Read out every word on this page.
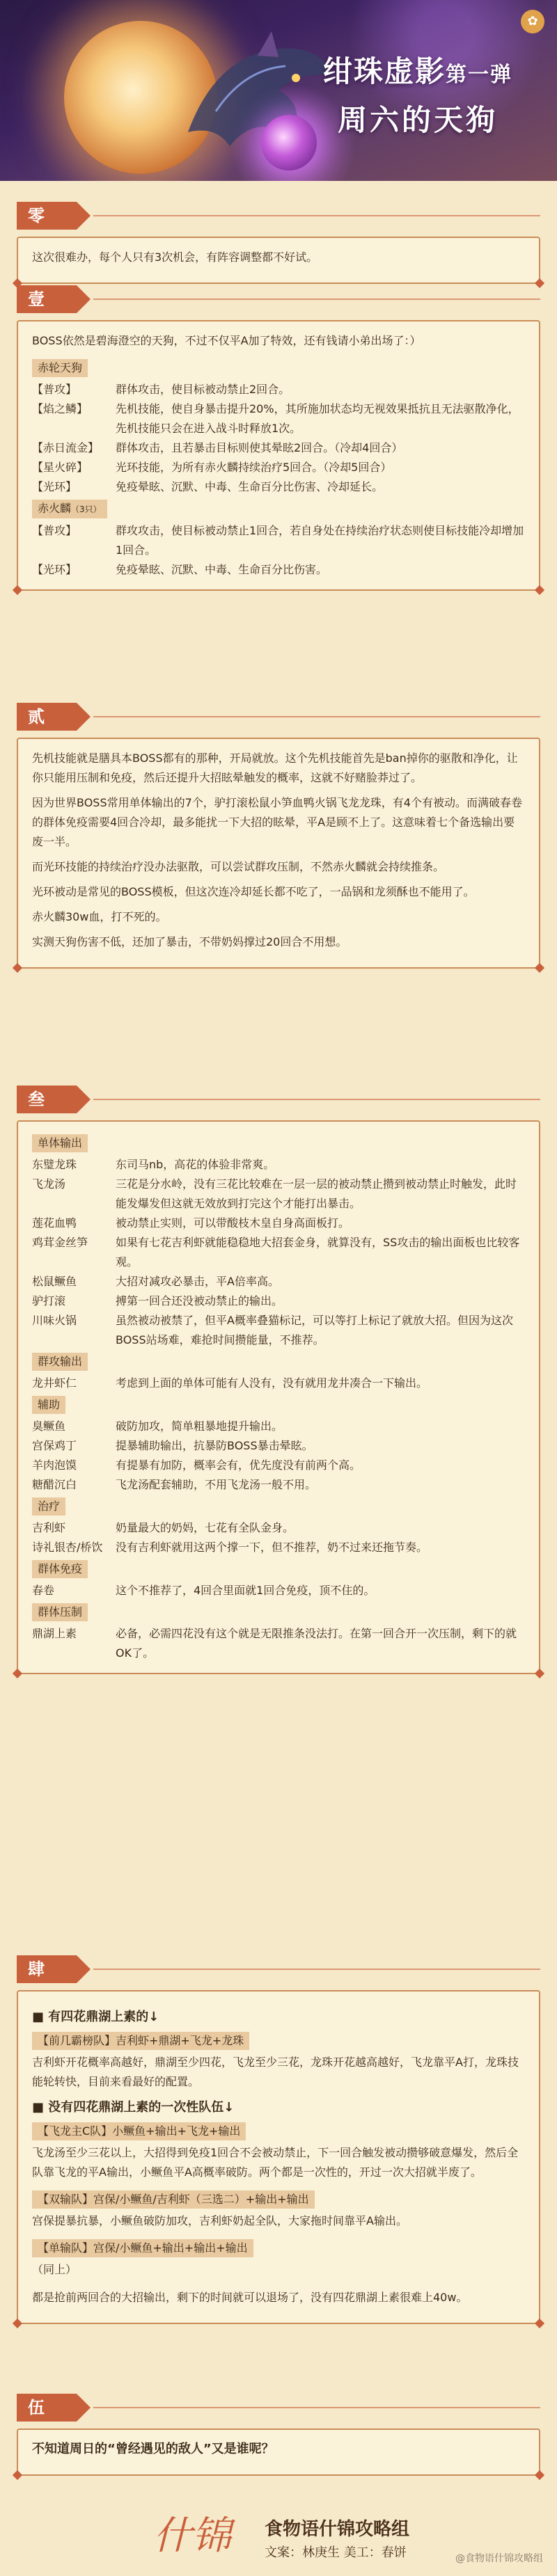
绀珠虚影第一弹
周六的天狗
✿
零

这次很难办，每个人只有3次机会，有阵容调整都不好试。

壹

BOSS依然是碧海澄空的天狗，不过不仅平A加了特效，还有钱请小弟出场了：）

赤轮天狗
【普攻】	群体攻击，使目标被动禁止2回合。
【焰之鳞】	先机技能，使自身暴击提升20%，其所施加状态均无视效果抵抗且无法驱散净化，先机技能只会在进入战斗时释放1次。
【赤日流金】	群体攻击，且若暴击目标则使其晕眩2回合。（冷却4回合）
【星火碎】	光环技能，为所有赤火麟持续治疗5回合。（冷却5回合）
【光环】	免疫晕眩、沉默、中毒、生命百分比伤害、冷却延长。
赤火麟（3只）
【普攻】	群攻攻击，使目标被动禁止1回合，若自身处在持续治疗状态则使目标技能冷却增加1回合。
【光环】	免疫晕眩、沉默、中毒、生命百分比伤害。
贰

先机技能就是膳具本BOSS都有的那种，开局就放。这个先机技能首先是ban掉你的驱散和净化，让你只能用压制和免疫，然后还提升大招眩晕触发的概率，这就不好赌脸莽过了。

因为世界BOSS常用单体输出的7个，驴打滚松鼠小笋血鸭火锅飞龙龙珠，有4个有被动。而满破春卷的群体免疫需要4回合冷却，最多能扰一下大招的眩晕，平A是顾不上了。这意味着七个备选输出要废一半。

而光环技能的持续治疗没办法驱散，可以尝试群攻压制，不然赤火麟就会持续推条。

光环被动是常见的BOSS模板，但这次连冷却延长都不吃了，一品锅和龙须酥也不能用了。

赤火麟30w血，打不死的。

实测天狗伤害不低，还加了暴击，不带奶妈撑过20回合不用想。

叁
单体输出
东璧龙珠	东司马nb，高花的体验非常爽。
飞龙汤	三花是分水岭，没有三花比较难在一层一层的被动禁止攒到被动禁止时触发，此时能发爆发但这就无效放到打完这个才能打出暴击。
莲花血鸭	被动禁止实则，可以带酸枝木皇自身高面板打。
鸡茸金丝笋	如果有七花吉利虾就能稳稳地大招套金身，就算没有，SS攻击的输出面板也比较客观。
松鼠鳜鱼	大招对减攻必暴击，平A倍率高。
驴打滚	搏第一回合还没被动禁止的输出。
川味火锅	虽然被动被禁了，但平A概率叠猫标记，可以等打上标记了就放大招。但因为这次BOSS站场难，难抢时间攒能量，不推荐。
群攻输出
龙井虾仁	考虑到上面的单体可能有人没有，没有就用龙井凑合一下输出。
辅助
臭鳜鱼	破防加攻，简单粗暴地提升输出。
宫保鸡丁	提暴辅助输出，抗暴防BOSS暴击晕眩。
羊肉泡馍	有提暴有加防，概率会有，优先度没有前两个高。
糖醋沉白	飞龙汤配套辅助，不用飞龙汤一般不用。
治疗
吉利虾	奶量最大的奶妈，七花有全队金身。
诗礼银杏/桥饮	没有吉利虾就用这两个撑一下，但不推荐，奶不过来还拖节奏。
群体免疫
春卷	这个不推荐了，4回合里面就1回合免疫，顶不住的。
群体压制
鼎湖上素	必备，必需四花没有这个就是无限推条没法打。在第一回合开一次压制，剩下的就OK了。
肆
■ 有四花鼎湖上素的↓
【前几霸榜队】吉利虾+鼎湖+飞龙+龙珠

吉利虾开花概率高越好，鼎湖至少四花，飞龙至少三花，龙珠开花越高越好，飞龙靠平A打，龙珠技能轮转快，目前来看最好的配置。

■ 没有四花鼎湖上素的一次性队伍↓
【飞龙主C队】小鳜鱼+输出+飞龙+输出

飞龙汤至少三花以上，大招得到免疫1回合不会被动禁止，下一回合触发被动攒够破意爆发，然后全队靠飞龙的平A输出，小鳜鱼平A高概率破防。两个都是一次性的，开过一次大招就半废了。

【双输队】宫保/小鳜鱼/吉利虾（三选二）+输出+输出

宫保提暴抗暴，小鳜鱼破防加攻，吉利虾奶起全队，大家拖时间靠平A输出。

【单输队】宫保/小鳜鱼+输出+输出+输出

（同上）

都是抢前两回合的大招输出，剩下的时间就可以退场了，没有四花鼎湖上素很难上40w。

伍

不知道周日的“曾经遇见的敌人”又是谁呢？

什锦 食物语什锦攻略组
文案：林庚生 美工：春饼	@食物语什锦攻略组
